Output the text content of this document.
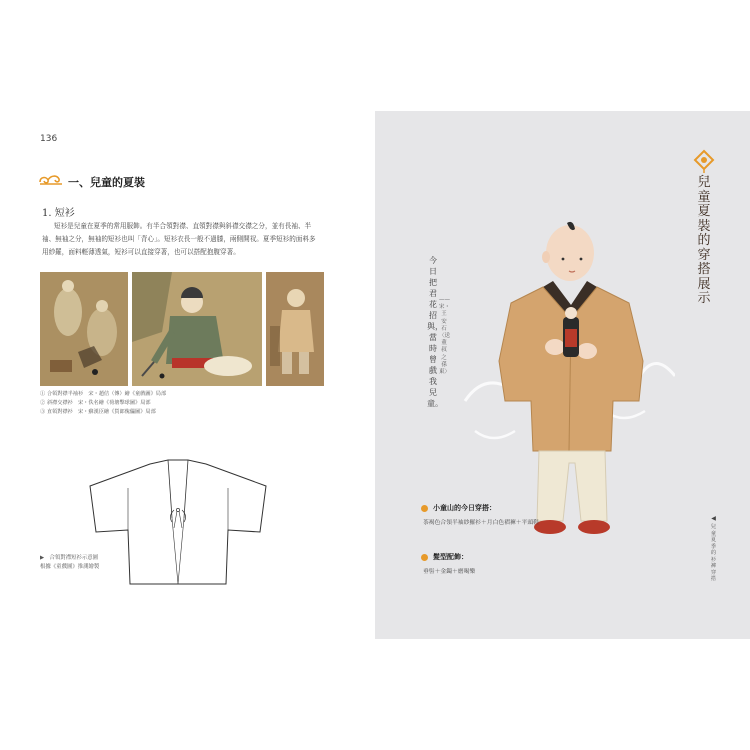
136
一、兒童的夏裝
1. 短衫

短衫是兒童在夏季的常用服飾。有半合領對襟、直領對襟與斜襟交襟之分，並有長袖、半袖、無袖之分，無袖的短衫也叫「背心」。短衫衣長一般不過膝，兩側開衩。夏季短衫的面料多用紗羅，面料輕薄透氣，短衫可以直接穿著，也可以搭配抱腹穿著。

① 合領對襟半袖衫　宋・趙佶（傳）繪《童戲圖》局部
② 斜襟交襟衫　宋・佚名繪《荷塘擊球圖》局部
③ 直領對襟衫　宋・蘇漢臣繪《貨郎傀儡圖》局部
▶　合領對襟短衫示意圖
根據《童戲圖》推測繪製
兒童夏裝的穿搭展示
今日把君花招與，當時曾戲我兒童。
——宋・王安石〈送董叔之孫東〉
小童山的今日穿搭：
茶褐色合領半袖紗羅衫＋月白色褶褲＋平頭鞋
髮型配飾：
垂髻＋金鐲＋磨喝樂
◀
兒童夏季的衫褲穿搭
